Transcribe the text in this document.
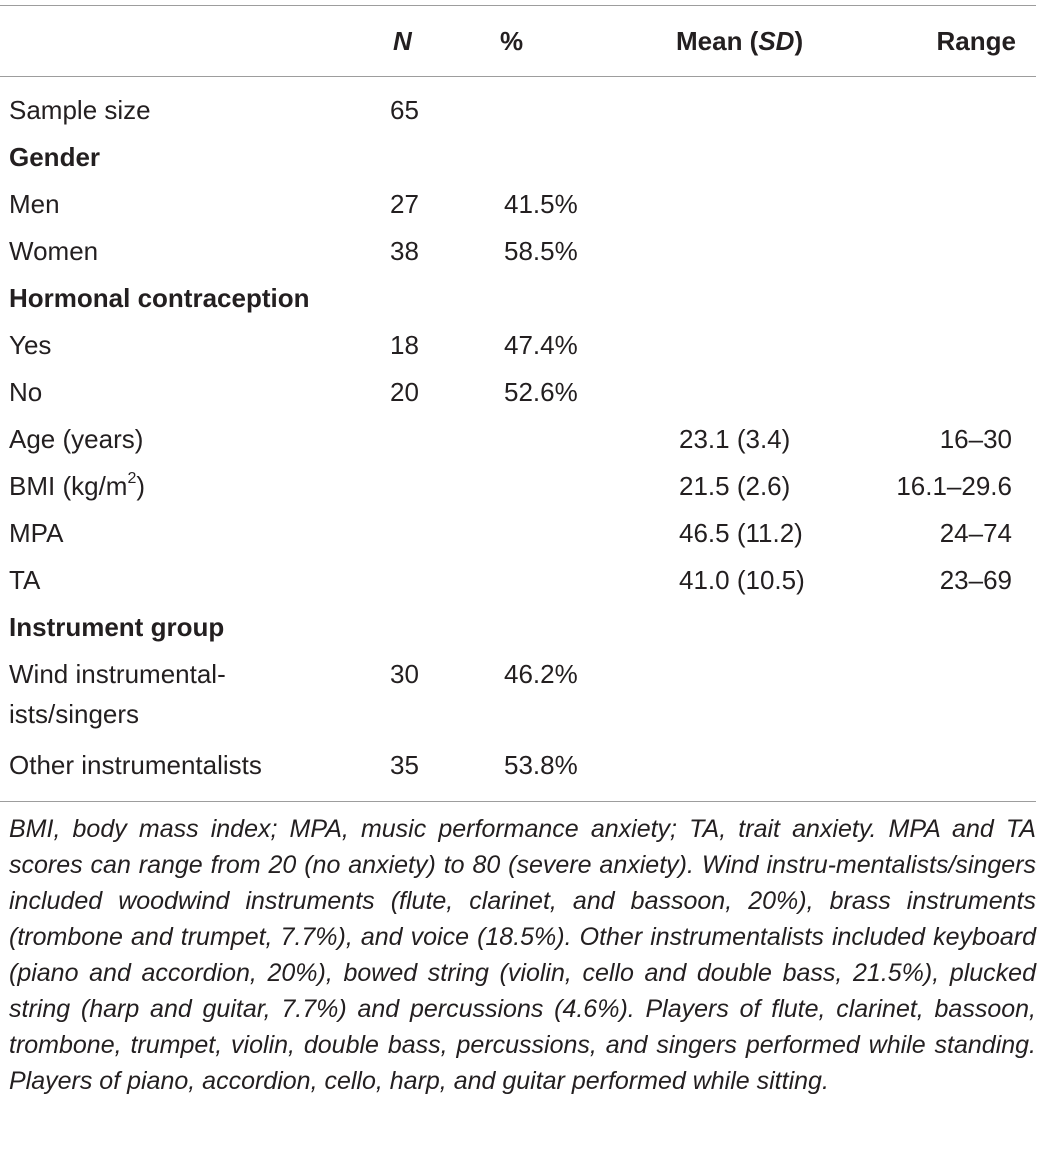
	N	%	Mean (SD)	Range
Sample size	65			
Gender				
Men	27	41.5%		
Women	38	58.5%		
Hormonal contraception				
Yes	18	47.4%		
No	20	52.6%		
Age (years)			23.1 (3.4)	16–30
BMI $(kg/m^2)$			21.5 (2.6)	16.1–29.6
MPA			46.5 (11.2)	24–74
TA			41.0 (10.5)	23–69
Instrument group				
Wind instrumental-
ists/singers	30	46.2%		
Other instrumentalists	35	53.8%		
BMI, body mass index; MPA, music performance anxiety; TA, trait anxiety. MPA and TA scores can range from 20 (no anxiety) to 80 (severe anxiety). Wind instru-mentalists/singers included woodwind instruments (flute, clarinet, and bassoon, 20%), brass instruments (trombone and trumpet, 7.7%), and voice (18.5%). Other instrumentalists included keyboard (piano and accordion, 20%), bowed string (violin, cello and double bass, 21.5%), plucked string (harp and guitar, 7.7%) and percussions (4.6%). Players of flute, clarinet, bassoon, trombone, trumpet, violin, double bass, percussions, and singers performed while standing. Players of piano, accordion, cello, harp, and guitar performed while sitting.
